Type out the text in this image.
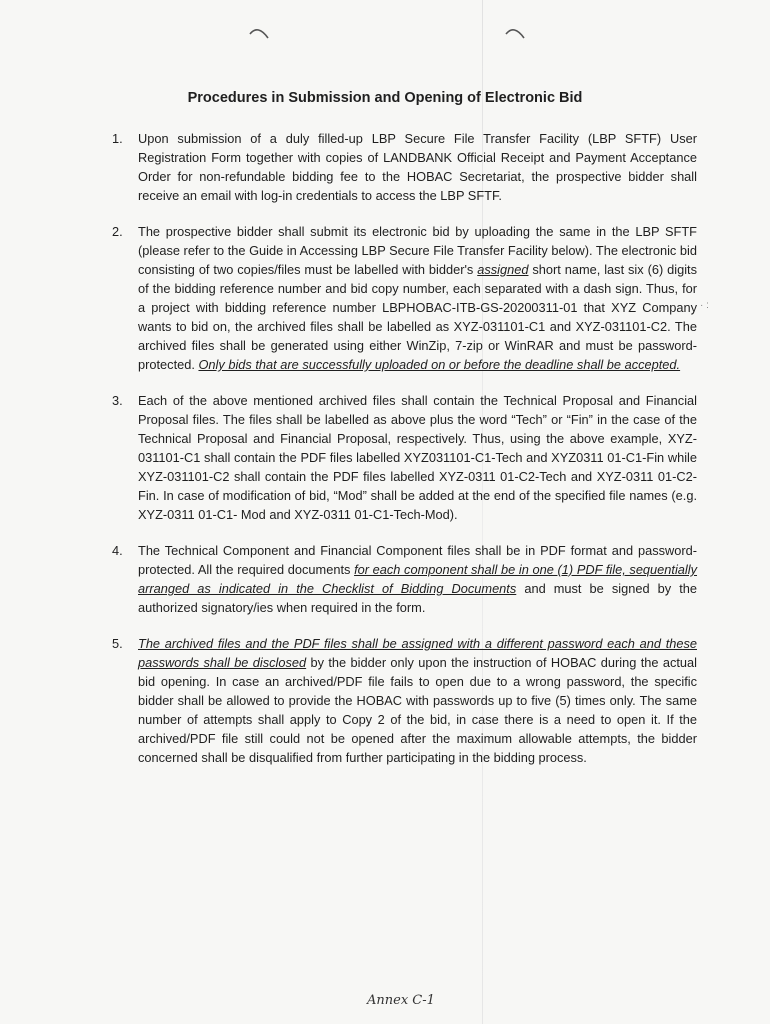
Procedures in Submission and Opening of Electronic Bid
1.	Upon submission of a duly filled-up LBP Secure File Transfer Facility (LBP SFTF) User Registration Form together with copies of LANDBANK Official Receipt and Payment Acceptance Order for non-refundable bidding fee to the HOBAC Secretariat, the prospective bidder shall receive an email with log-in credentials to access the LBP SFTF.
2.	The prospective bidder shall submit its electronic bid by uploading the same in the LBP SFTF (please refer to the Guide in Accessing LBP Secure File Transfer Facility below). The electronic bid consisting of two copies/files must be labelled with bidder's assigned short name, last six (6) digits of the bidding reference number and bid copy number, each separated with a dash sign. Thus, for a project with bidding reference number LBPHOBAC-ITB-GS-20200311-01 that XYZ Company wants to bid on, the archived files shall be labelled as XYZ-031101-C1 and XYZ-031101-C2. The archived files shall be generated using either WinZip, 7-zip or WinRAR and must be password-protected. Only bids that are successfully uploaded on or before the deadline shall be accepted.
3.	Each of the above mentioned archived files shall contain the Technical Proposal and Financial Proposal files. The files shall be labelled as above plus the word “Tech” or “Fin” in the case of the Technical Proposal and Financial Proposal, respectively. Thus, using the above example, XYZ-031101-C1 shall contain the PDF files labelled XYZ031101-C1-Tech and XYZ0311 01-C1-Fin while XYZ-031101-C2 shall contain the PDF files labelled XYZ-0311 01-C2-Tech and XYZ-0311 01-C2-Fin. In case of modification of bid, “Mod” shall be added at the end of the specified file names (e.g. XYZ-0311 01-C1- Mod and XYZ-0311 01-C1-Tech-Mod).
4.	The Technical Component and Financial Component files shall be in PDF format and password-protected. All the required documents for each component shall be in one (1) PDF file, sequentially arranged as indicated in the Checklist of Bidding Documents and must be signed by the authorized signatory/ies when required in the form.
5.	The archived files and the PDF files shall be assigned with a different password each and these passwords shall be disclosed by the bidder only upon the instruction of HOBAC during the actual bid opening. In case an archived/PDF file fails to open due to a wrong password, the specific bidder shall be allowed to provide the HOBAC with passwords up to five (5) times only. The same number of attempts shall apply to Copy 2 of the bid, in case there is a need to open it. If the archived/PDF file still could not be opened after the maximum allowable attempts, the bidder concerned shall be disqualified from further participating in the bidding process.
· :
Annex C-1
